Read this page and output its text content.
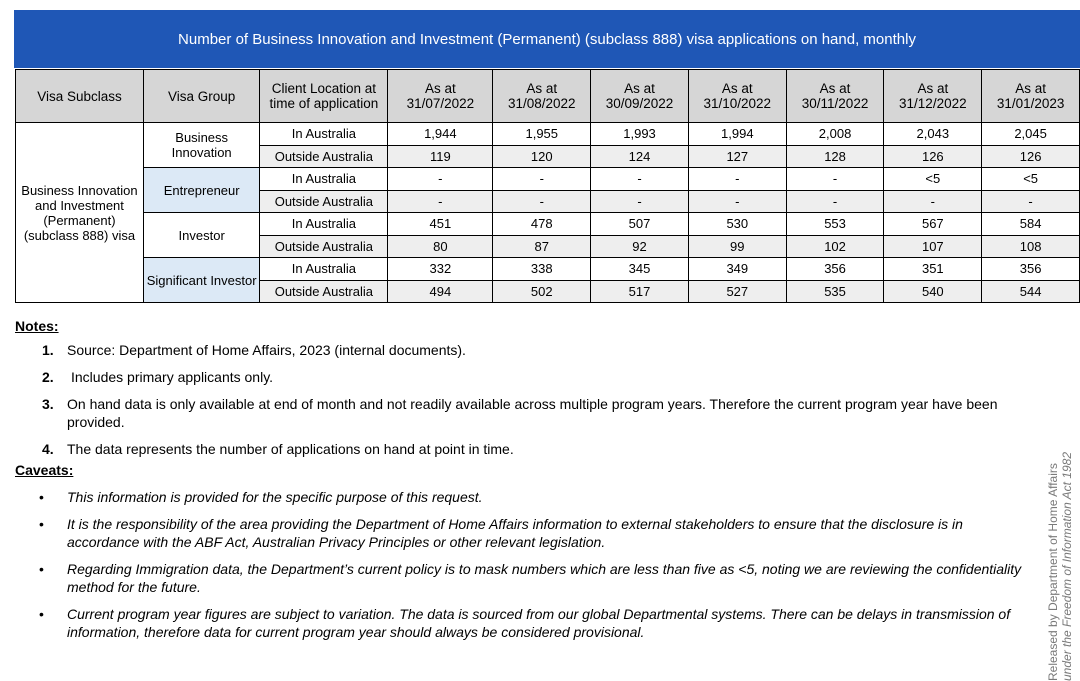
Number of Business Innovation and Investment (Permanent) (subclass 888) visa applications on hand, monthly
Visa Subclass	Visa Group	Client Location at time of application	As at 31/07/2022	As at 31/08/2022	As at 30/09/2022	As at 31/10/2022	As at 30/11/2022	As at 31/12/2022	As at 31/01/2023
Business Innovation and Investment (Permanent) (subclass 888) visa	Business Innovation	In Australia	1,944	1,955	1,993	1,994	2,008	2,043	2,045
		Outside Australia	119	120	124	127	128	126	126
	Entrepreneur	In Australia	-	-	-	-	-	<5	<5
		Outside Australia	-	-	-	-	-	-	-
	Investor	In Australia	451	478	507	530	553	567	584
		Outside Australia	80	87	92	99	102	107	108
	Significant Investor	In Australia	332	338	345	349	356	351	356
		Outside Australia	494	502	517	527	535	540	544

Notes:

1. Source: Department of Home Affairs, 2023 (internal documents).
2. Includes primary applicants only.
3. On hand data is only available at end of month and not readily available across multiple program years. Therefore the current program year have been provided.
4. The data represents the number of applications on hand at point in time.

Caveats:

• This information is provided for the specific purpose of this request.
• It is the responsibility of the area providing the Department of Home Affairs information to external stakeholders to ensure that the disclosure is in accordance with the ABF Act, Australian Privacy Principles or other relevant legislation.
• Regarding Immigration data, the Department’s current policy is to mask numbers which are less than five as <5, noting we are reviewing the confidentiality method for the future.
• Current program year figures are subject to variation. The data is sourced from our global Departmental systems. There can be delays in transmission of information, therefore data for current program year should always be considered provisional.	Released by Department of Home Affairs under the Freedom of Information Act 1982
